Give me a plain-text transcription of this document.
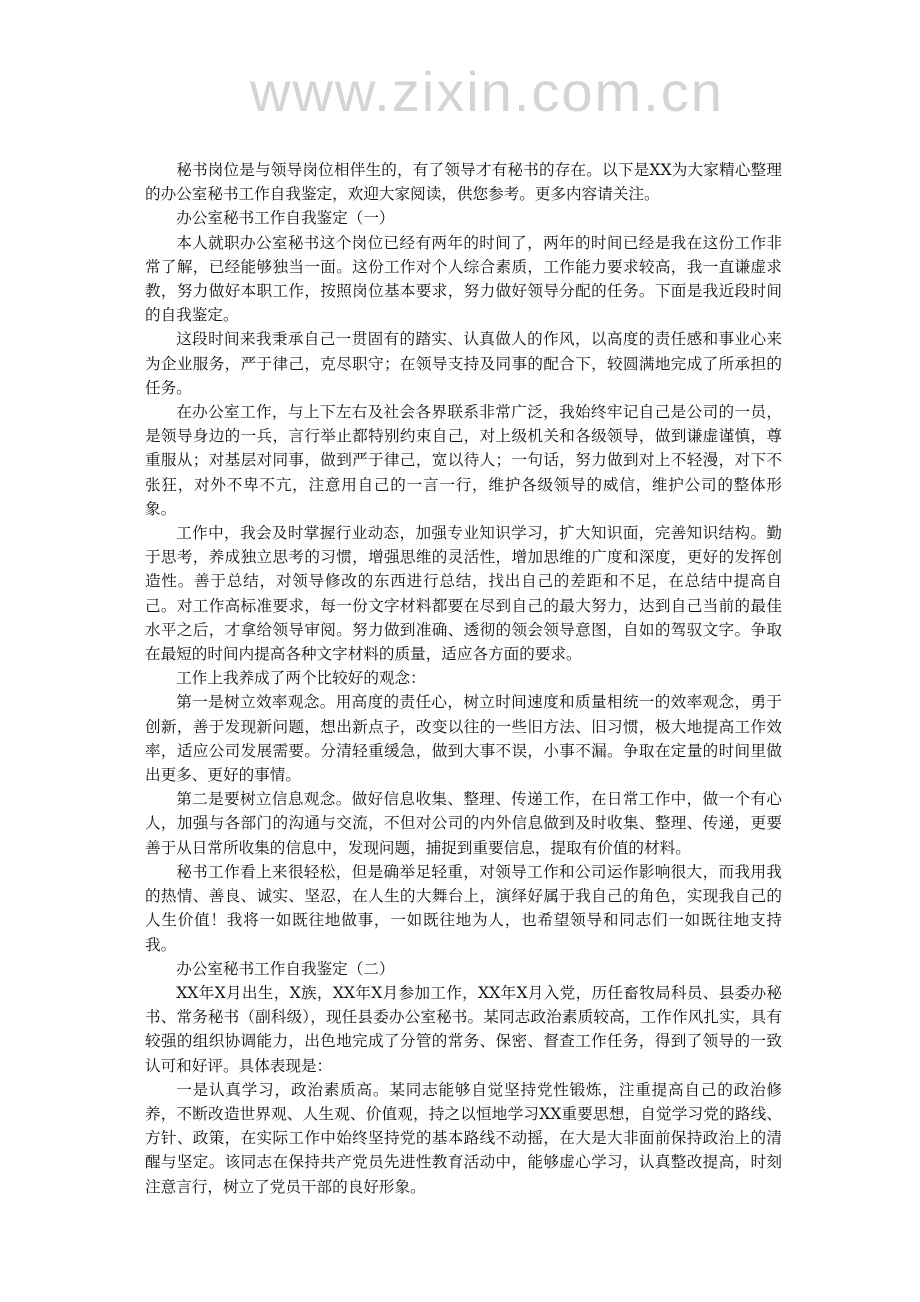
www.zixin.com.cn

秘书岗位是与领导岗位相伴生的，有了领导才有秘书的存在。以下是XX为大家精心整理的办公室秘书工作自我鉴定，欢迎大家阅读，供您参考。更多内容请关注。

办公室秘书工作自我鉴定（一）

本人就职办公室秘书这个岗位已经有两年的时间了，两年的时间已经是我在这份工作非常了解，已经能够独当一面。这份工作对个人综合素质，工作能力要求较高，我一直谦虚求教，努力做好本职工作，按照岗位基本要求，努力做好领导分配的任务。下面是我近段时间的自我鉴定。

这段时间来我秉承自己一贯固有的踏实、认真做人的作风，以高度的责任感和事业心来为企业服务，严于律己，克尽职守；在领导支持及同事的配合下，较圆满地完成了所承担的任务。

在办公室工作，与上下左右及社会各界联系非常广泛，我始终牢记自己是公司的一员，是领导身边的一兵，言行举止都特别约束自己，对上级机关和各级领导，做到谦虚谨慎，尊重服从；对基层对同事，做到严于律己，宽以待人；一句话，努力做到对上不轻漫，对下不张狂，对外不卑不亢，注意用自己的一言一行，维护各级领导的威信，维护公司的整体形象。

工作中，我会及时掌握行业动态，加强专业知识学习，扩大知识面，完善知识结构。勤于思考，养成独立思考的习惯，增强思维的灵活性，增加思维的广度和深度，更好的发挥创造性。善于总结，对领导修改的东西进行总结，找出自己的差距和不足，在总结中提高自己。对工作高标准要求，每一份文字材料都要在尽到自己的最大努力，达到自己当前的最佳水平之后，才拿给领导审阅。努力做到准确、透彻的领会领导意图，自如的驾驭文字。争取在最短的时间内提高各种文字材料的质量，适应各方面的要求。

工作上我养成了两个比较好的观念：

第一是树立效率观念。用高度的责任心，树立时间速度和质量相统一的效率观念，勇于创新，善于发现新问题，想出新点子，改变以往的一些旧方法、旧习惯，极大地提高工作效率，适应公司发展需要。分清轻重缓急，做到大事不误，小事不漏。争取在定量的时间里做出更多、更好的事情。

第二是要树立信息观念。做好信息收集、整理、传递工作，在日常工作中，做一个有心人，加强与各部门的沟通与交流，不但对公司的内外信息做到及时收集、整理、传递，更要善于从日常所收集的信息中，发现问题，捕捉到重要信息，提取有价值的材料。

秘书工作看上来很轻松，但是确举足轻重，对领导工作和公司运作影响很大，而我用我的热情、善良、诚实、坚忍，在人生的大舞台上，演绎好属于我自己的角色，实现我自己的人生价值！我将一如既往地做事，一如既往地为人，也希望领导和同志们一如既往地支持我。

办公室秘书工作自我鉴定（二）

XX年X月出生，X族，XX年X月参加工作，XX年X月入党，历任畜牧局科员、县委办秘书、常务秘书（副科级），现任县委办公室秘书。某同志政治素质较高，工作作风扎实，具有较强的组织协调能力，出色地完成了分管的常务、保密、督查工作任务，得到了领导的一致认可和好评。具体表现是：

一是认真学习，政治素质高。某同志能够自觉坚持党性锻炼，注重提高自己的政治修养，不断改造世界观、人生观、价值观，持之以恒地学习XX重要思想，自觉学习党的路线、方针、政策，在实际工作中始终坚持党的基本路线不动摇，在大是大非面前保持政治上的清醒与坚定。该同志在保持共产党员先进性教育活动中，能够虚心学习，认真整改提高，时刻注意言行，树立了党员干部的良好形象。
